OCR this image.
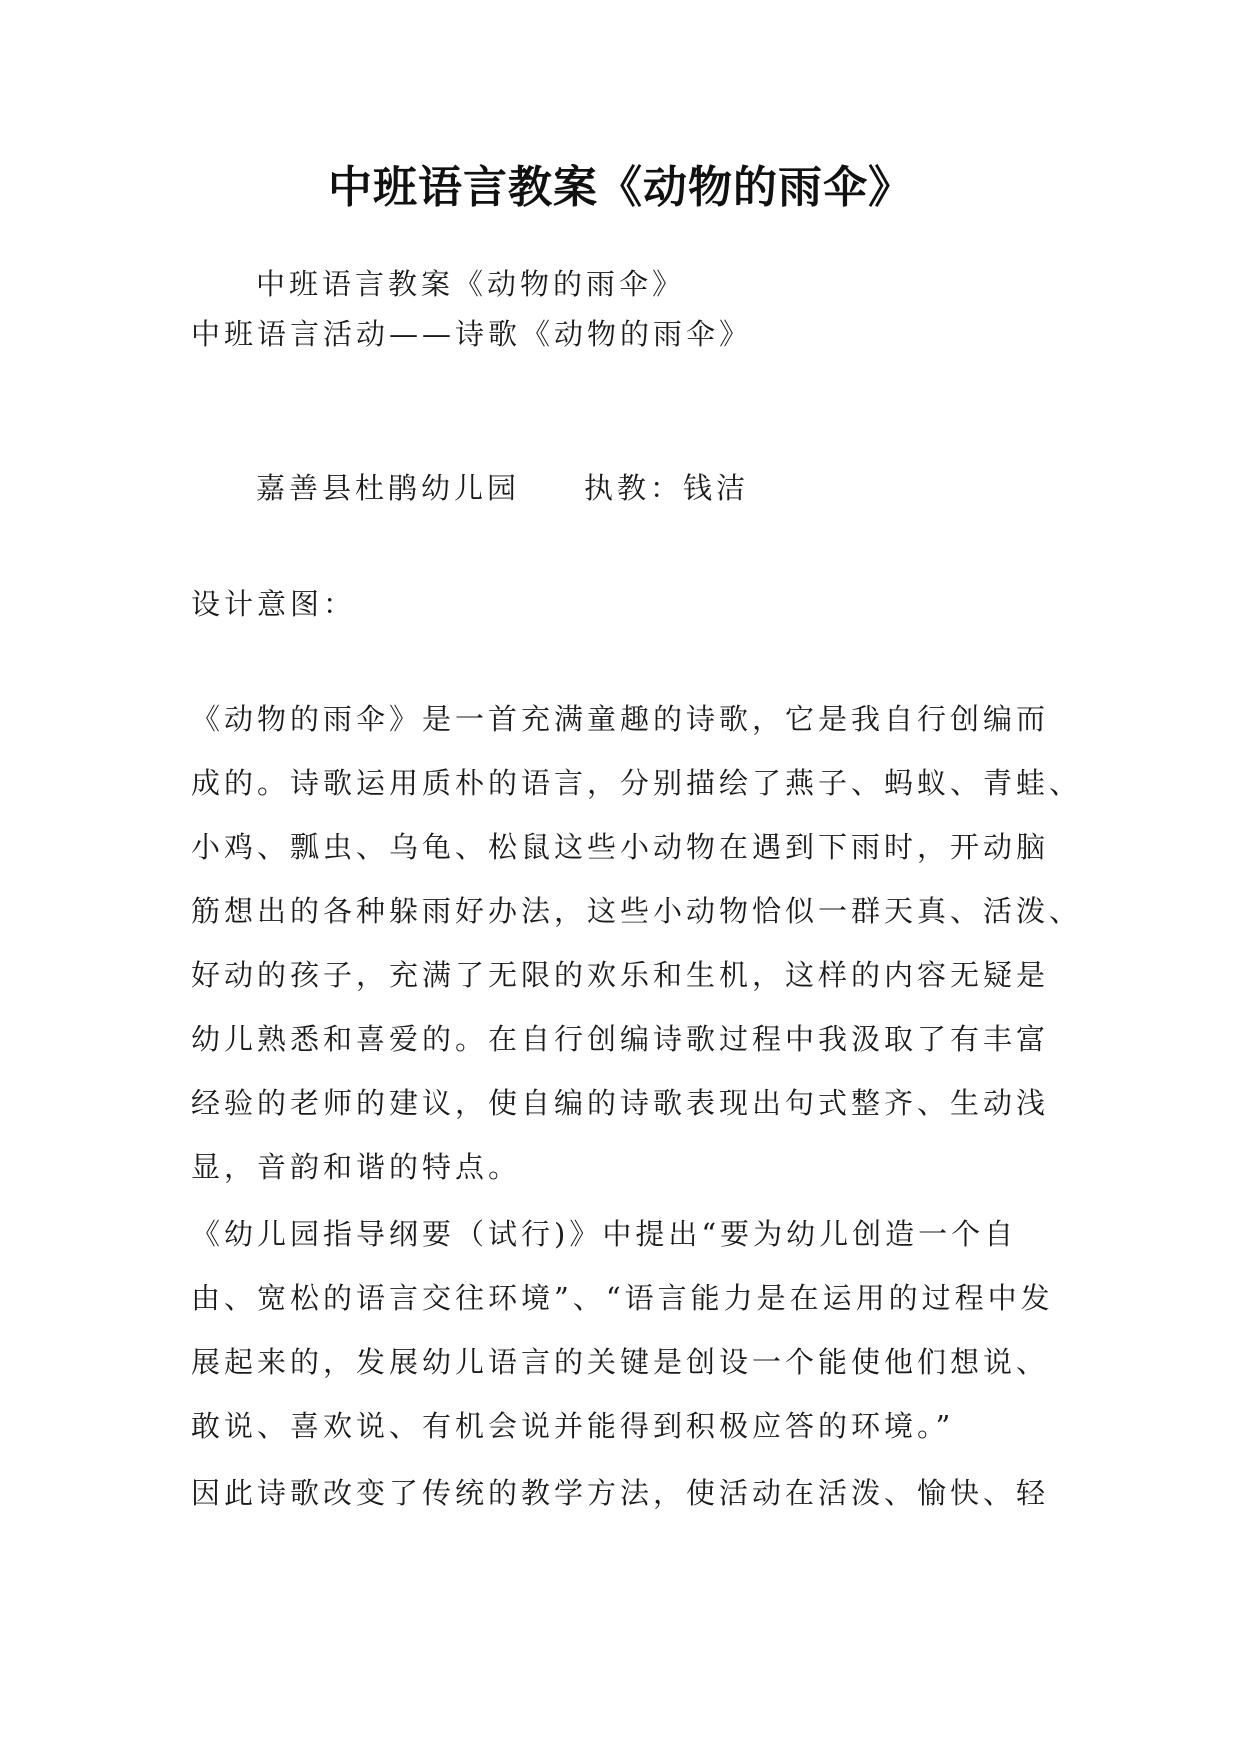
中班语言教案《动物的雨伞》
中班语言教案《动物的雨伞》
中班语言活动——诗歌《动物的雨伞》
嘉善县杜鹃幼儿园 执教：钱洁
设计意图：
《动物的雨伞》是一首充满童趣的诗歌，它是我自行创编而
成的。诗歌运用质朴的语言，分别描绘了燕子、蚂蚁、青蛙、
小鸡、瓢虫、乌龟、松鼠这些小动物在遇到下雨时，开动脑
筋想出的各种躲雨好办法，这些小动物恰似一群天真、活泼、
好动的孩子，充满了无限的欢乐和生机，这样的内容无疑是
幼儿熟悉和喜爱的。在自行创编诗歌过程中我汲取了有丰富
经验的老师的建议，使自编的诗歌表现出句式整齐、生动浅
显，音韵和谐的特点。
《幼儿园指导纲要（试行)》中提出“要为幼儿创造一个自
由、宽松的语言交往环境”、“语言能力是在运用的过程中发
展起来的，发展幼儿语言的关键是创设一个能使他们想说、
敢说、喜欢说、有机会说并能得到积极应答的环境。”
因此诗歌改变了传统的教学方法，使活动在活泼、愉快、轻
